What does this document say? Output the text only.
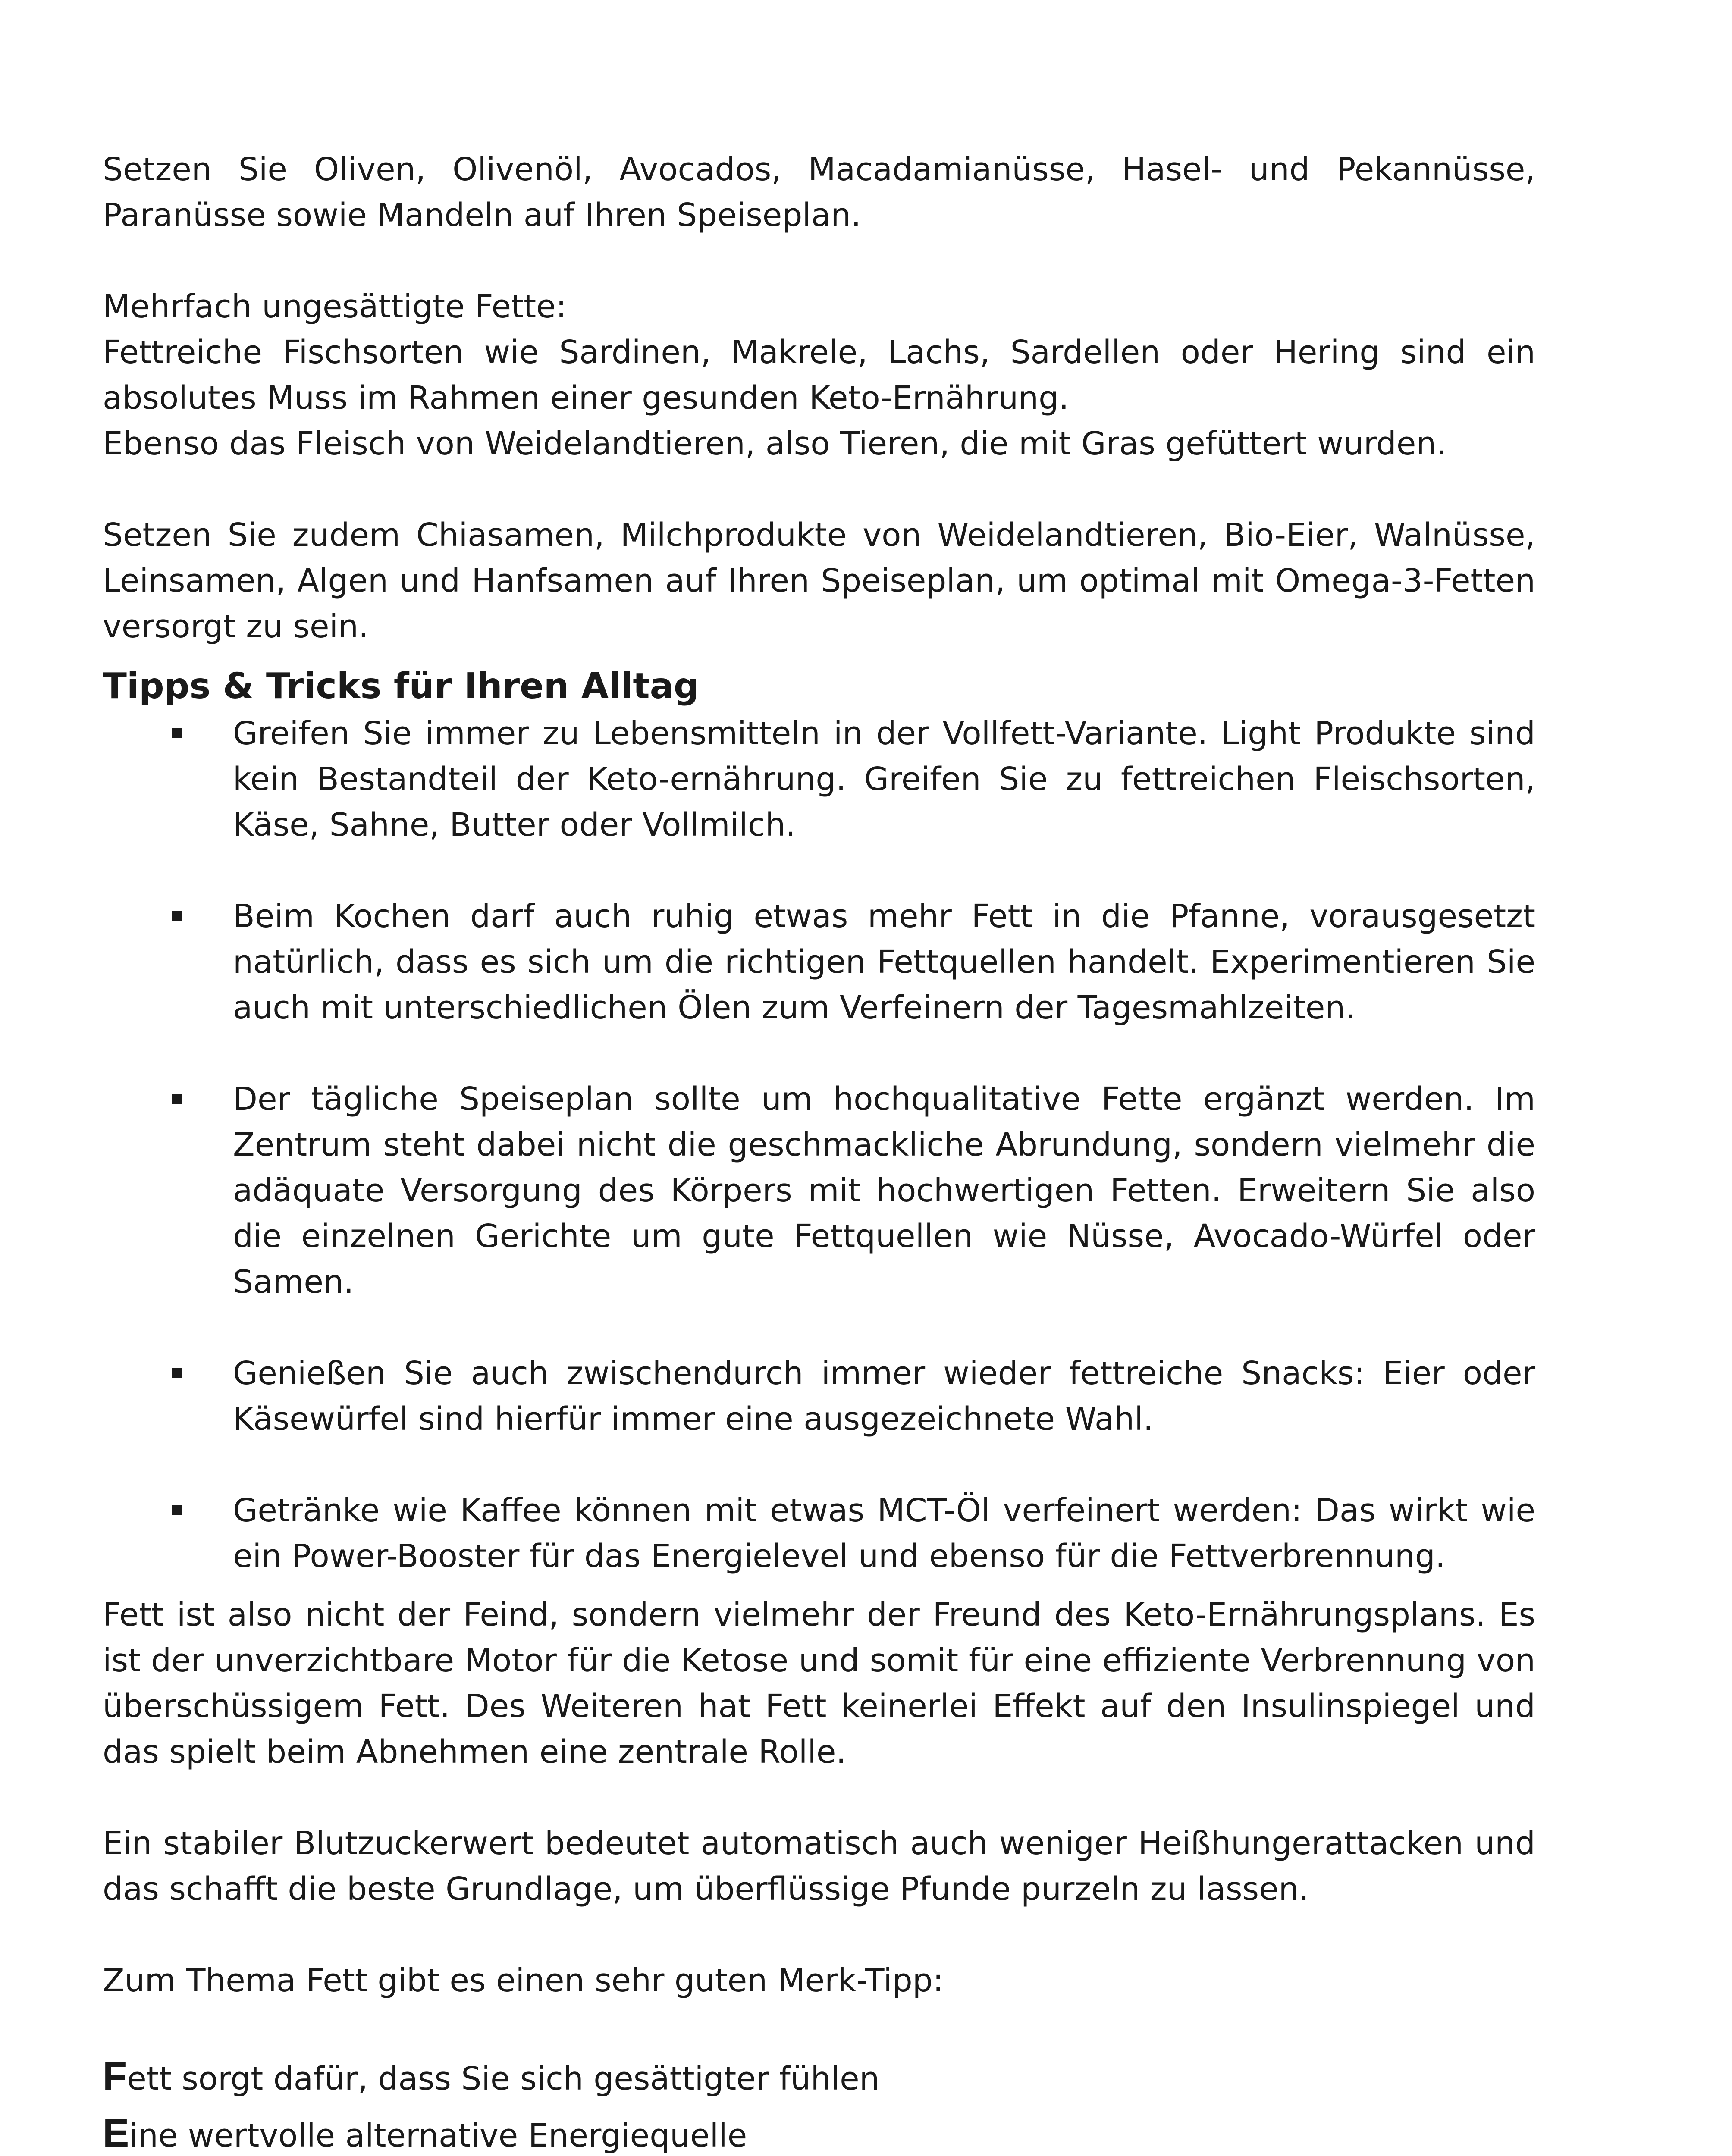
Setzen Sie Oliven, Olivenöl, Avocados, Macadamianüsse, Hasel- und Pekannüsse, Paranüsse sowie Mandeln auf Ihren Speiseplan.

Mehrfach ungesättigte Fette:

Fettreiche Fischsorten wie Sardinen, Makrele, Lachs, Sardellen oder Hering sind ein absolutes Muss im Rahmen einer gesunden Keto-Ernährung.

Ebenso das Fleisch von Weidelandtieren, also Tieren, die mit Gras gefüttert wurden.

Setzen Sie zudem Chiasamen, Milchprodukte von Weidelandtieren, Bio-Eier, Walnüsse, Leinsamen, Algen und Hanfsamen auf Ihren Speiseplan, um optimal mit Omega-3-Fetten versorgt zu sein.

Tipps & Tricks für Ihren Alltag
Greifen Sie immer zu Lebensmitteln in der Vollfett-Variante. Light Produkte sind kein Bestandteil der Keto-ernährung. Greifen Sie zu fettreichen Fleischsorten, Käse, Sahne, Butter oder Vollmilch.
Beim Kochen darf auch ruhig etwas mehr Fett in die Pfanne, vorausgesetzt natürlich, dass es sich um die richtigen Fettquellen handelt. Experimentieren Sie auch mit unterschiedlichen Ölen zum Verfeinern der Tagesmahlzeiten.
Der tägliche Speiseplan sollte um hochqualitative Fette ergänzt werden. Im Zentrum steht dabei nicht die geschmackliche Abrundung, sondern vielmehr die adäquate Versorgung des Körpers mit hochwertigen Fetten. Erweitern Sie also die einzelnen Gerichte um gute Fettquellen wie Nüsse, Avocado-Würfel oder Samen.
Genießen Sie auch zwischendurch immer wieder fettreiche Snacks: Eier oder Käsewürfel sind hierfür immer eine ausgezeichnete Wahl.
Getränke wie Kaffee können mit etwas MCT-Öl verfeinert werden: Das wirkt wie ein Power-Booster für das Energielevel und ebenso für die Fettverbrennung.

Fett ist also nicht der Feind, sondern vielmehr der Freund des Keto-Ernährungsplans. Es ist der unverzichtbare Motor für die Ketose und somit für eine effiziente Verbrennung von überschüssigem Fett. Des Weiteren hat Fett keinerlei Effekt auf den Insulinspiegel und das spielt beim Abnehmen eine zentrale Rolle.

Ein stabiler Blutzuckerwert bedeutet automatisch auch weniger Heißhungerattacken und das schafft die beste Grundlage, um überflüssige Pfunde purzeln zu lassen.

Zum Thema Fett gibt es einen sehr guten Merk-Tipp:

Fett sorgt dafür, dass Sie sich gesättigter fühlen
Eine wertvolle alternative Energiequelle
